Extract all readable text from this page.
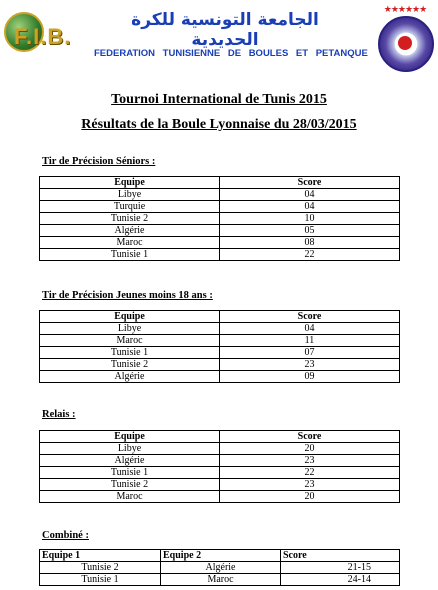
F.I.B.
الجامعة التونسية للكرة الحديدية
FEDERATION TUNISIENNE DE BOULES ET PETANQUE
★★★★★★
Tournoi International de Tunis 2015
Résultats de la Boule Lyonnaise du 28/03/2015
Tir de Précision Séniors :
Equipe	Score
Libye	04
Turquie	04
Tunisie 2	10
Algérie	05
Maroc	08
Tunisie 1	22
Tir de Précision Jeunes moins 18 ans :
Equipe	Score
Libye	04
Maroc	11
Tunisie 1	07
Tunisie 2	23
Algérie	09
Relais :
Equipe	Score
Libye	20
Algérie	23
Tunisie 1	22
Tunisie 2	23
Maroc	20
Combiné :
Equipe 1	Equipe 2	Score
Tunisie 2	Algérie	21-15
Tunisie 1	Maroc	24-14
